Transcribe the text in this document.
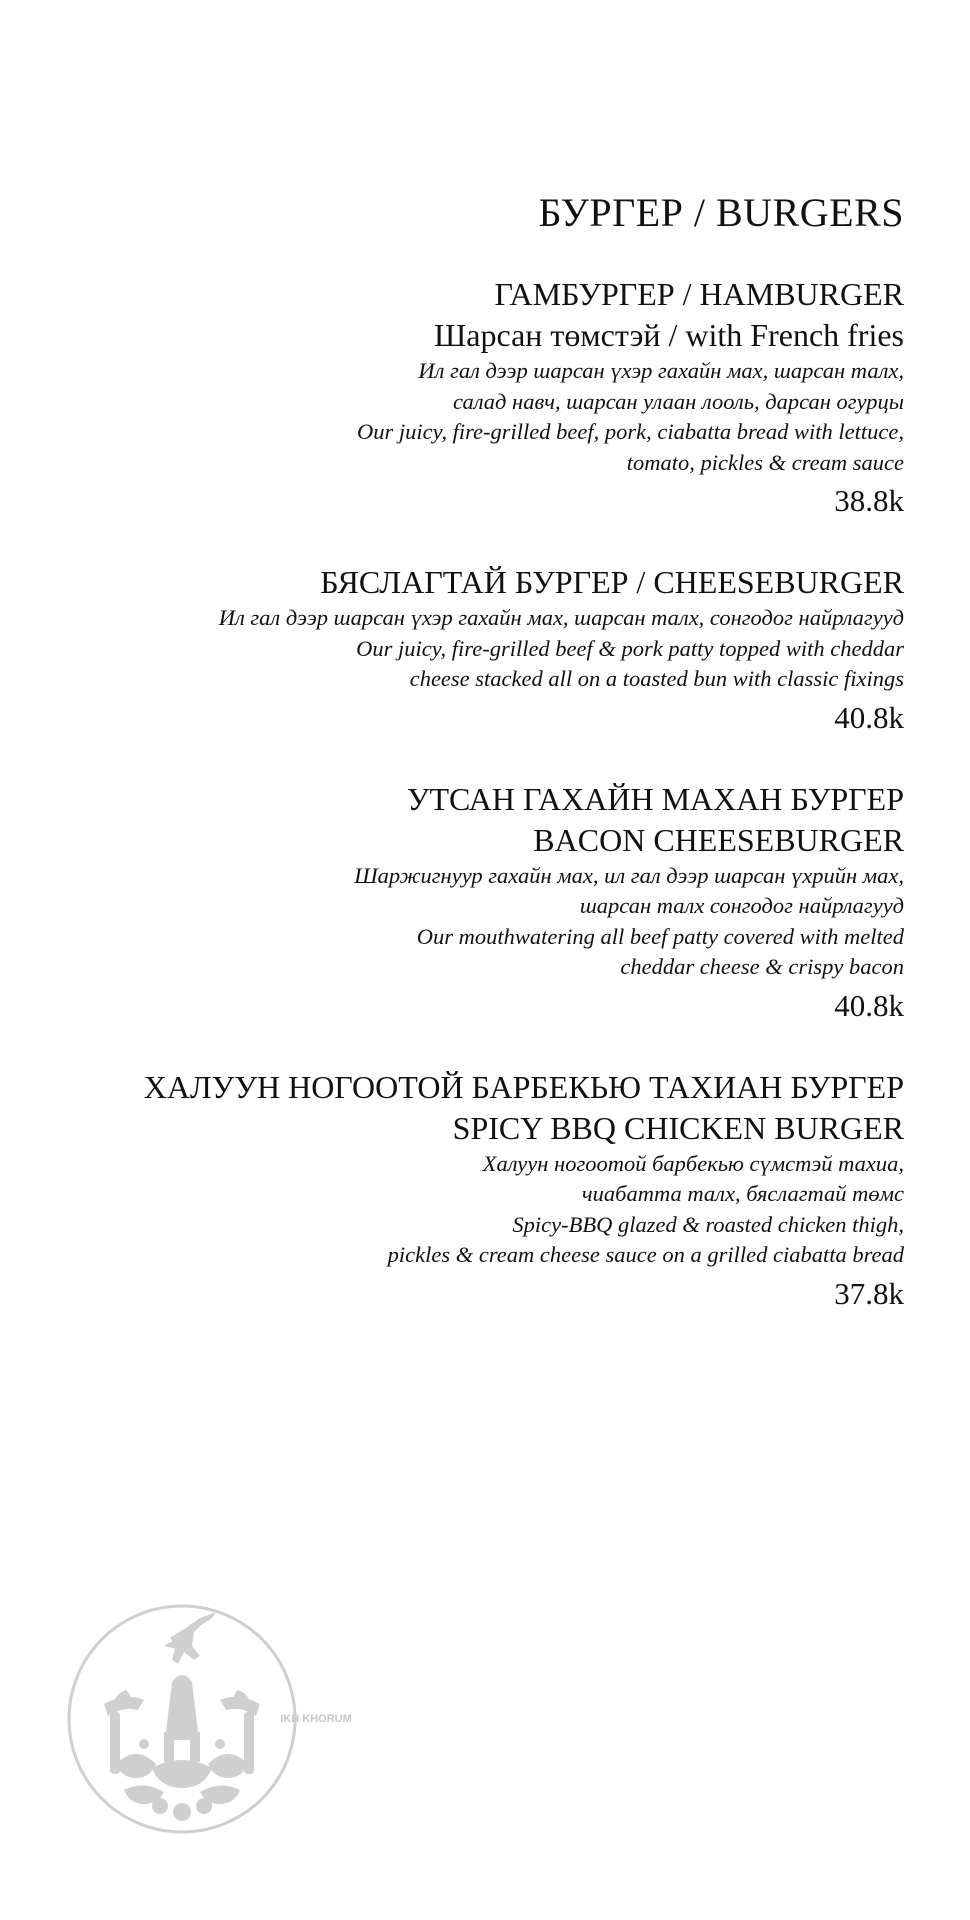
БУРГЕР / BURGERS

ГАМБУРГЕР / HAMBURGER

Шарсан төмстэй / with French fries

Ил гал дээр шарсан үхэр гахайн мах, шарсан талх,

салад навч, шарсан улаан лооль, дарсан огурцы

Our juicy, fire-grilled beef, pork, ciabatta bread with lettuce,

tomato, pickles & cream sauce

38.8k

БЯСЛАГТАЙ БУРГЕР / CHEESEBURGER

Ил гал дээр шарсан үхэр гахайн мах, шарсан талх, сонгодог найрлагууд

Our juicy, fire-grilled beef & pork patty topped with cheddar

cheese stacked all on a toasted bun with classic fixings

40.8k

УТСАН ГАХАЙН МАХАН БУРГЕР

BACON CHEESEBURGER

Шаржигнуур гахайн мах, ил гал дээр шарсан үхрийн мах,

шарсан талх сонгодог найрлагууд

Our mouthwatering all beef patty covered with melted

cheddar cheese & crispy bacon

40.8k

ХАЛУУН НОГООТОЙ БАРБЕКЬЮ ТАХИАН БУРГЕР

SPICY BBQ CHICKEN BURGER

Халуун ногоотой барбекью сүмстэй тахиа,

чиабатта талх, бяслагтай төмс

Spicy-BBQ glazed & roasted chicken thigh,

pickles & cream cheese sauce on a grilled ciabatta bread

37.8k

IKH KHORUM
